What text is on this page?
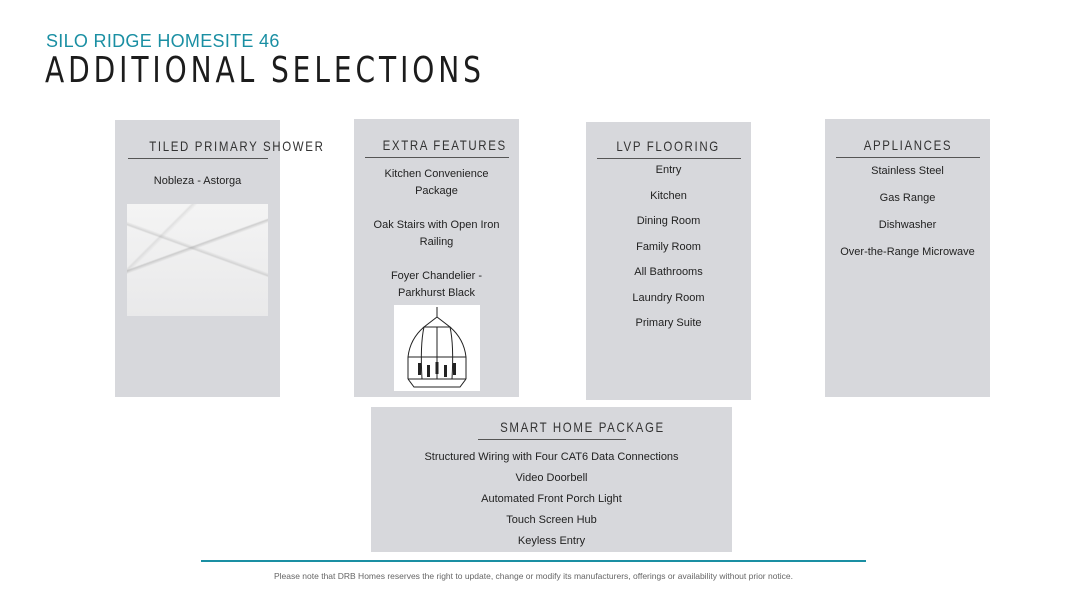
SILO RIDGE HOMESITE 46
ADDITIONAL SELECTIONS
TILED PRIMARY SHOWER
Nobleza - Astorga
EXTRA FEATURES
Kitchen Convenience Package
Oak Stairs with Open Iron Railing
Foyer Chandelier - Parkhurst Black
LVP FLOORING
Entry
Kitchen
Dining Room
Family Room
All Bathrooms
Laundry Room
Primary Suite
APPLIANCES
Stainless Steel
Gas Range
Dishwasher
Over-the-Range Microwave
SMART HOME PACKAGE
Structured Wiring with Four CAT6 Data Connections
Video Doorbell
Automated Front Porch Light
Touch Screen Hub
Keyless Entry
Please note that DRB Homes reserves the right to update, change or modify its manufacturers, offerings or availability without prior notice.
